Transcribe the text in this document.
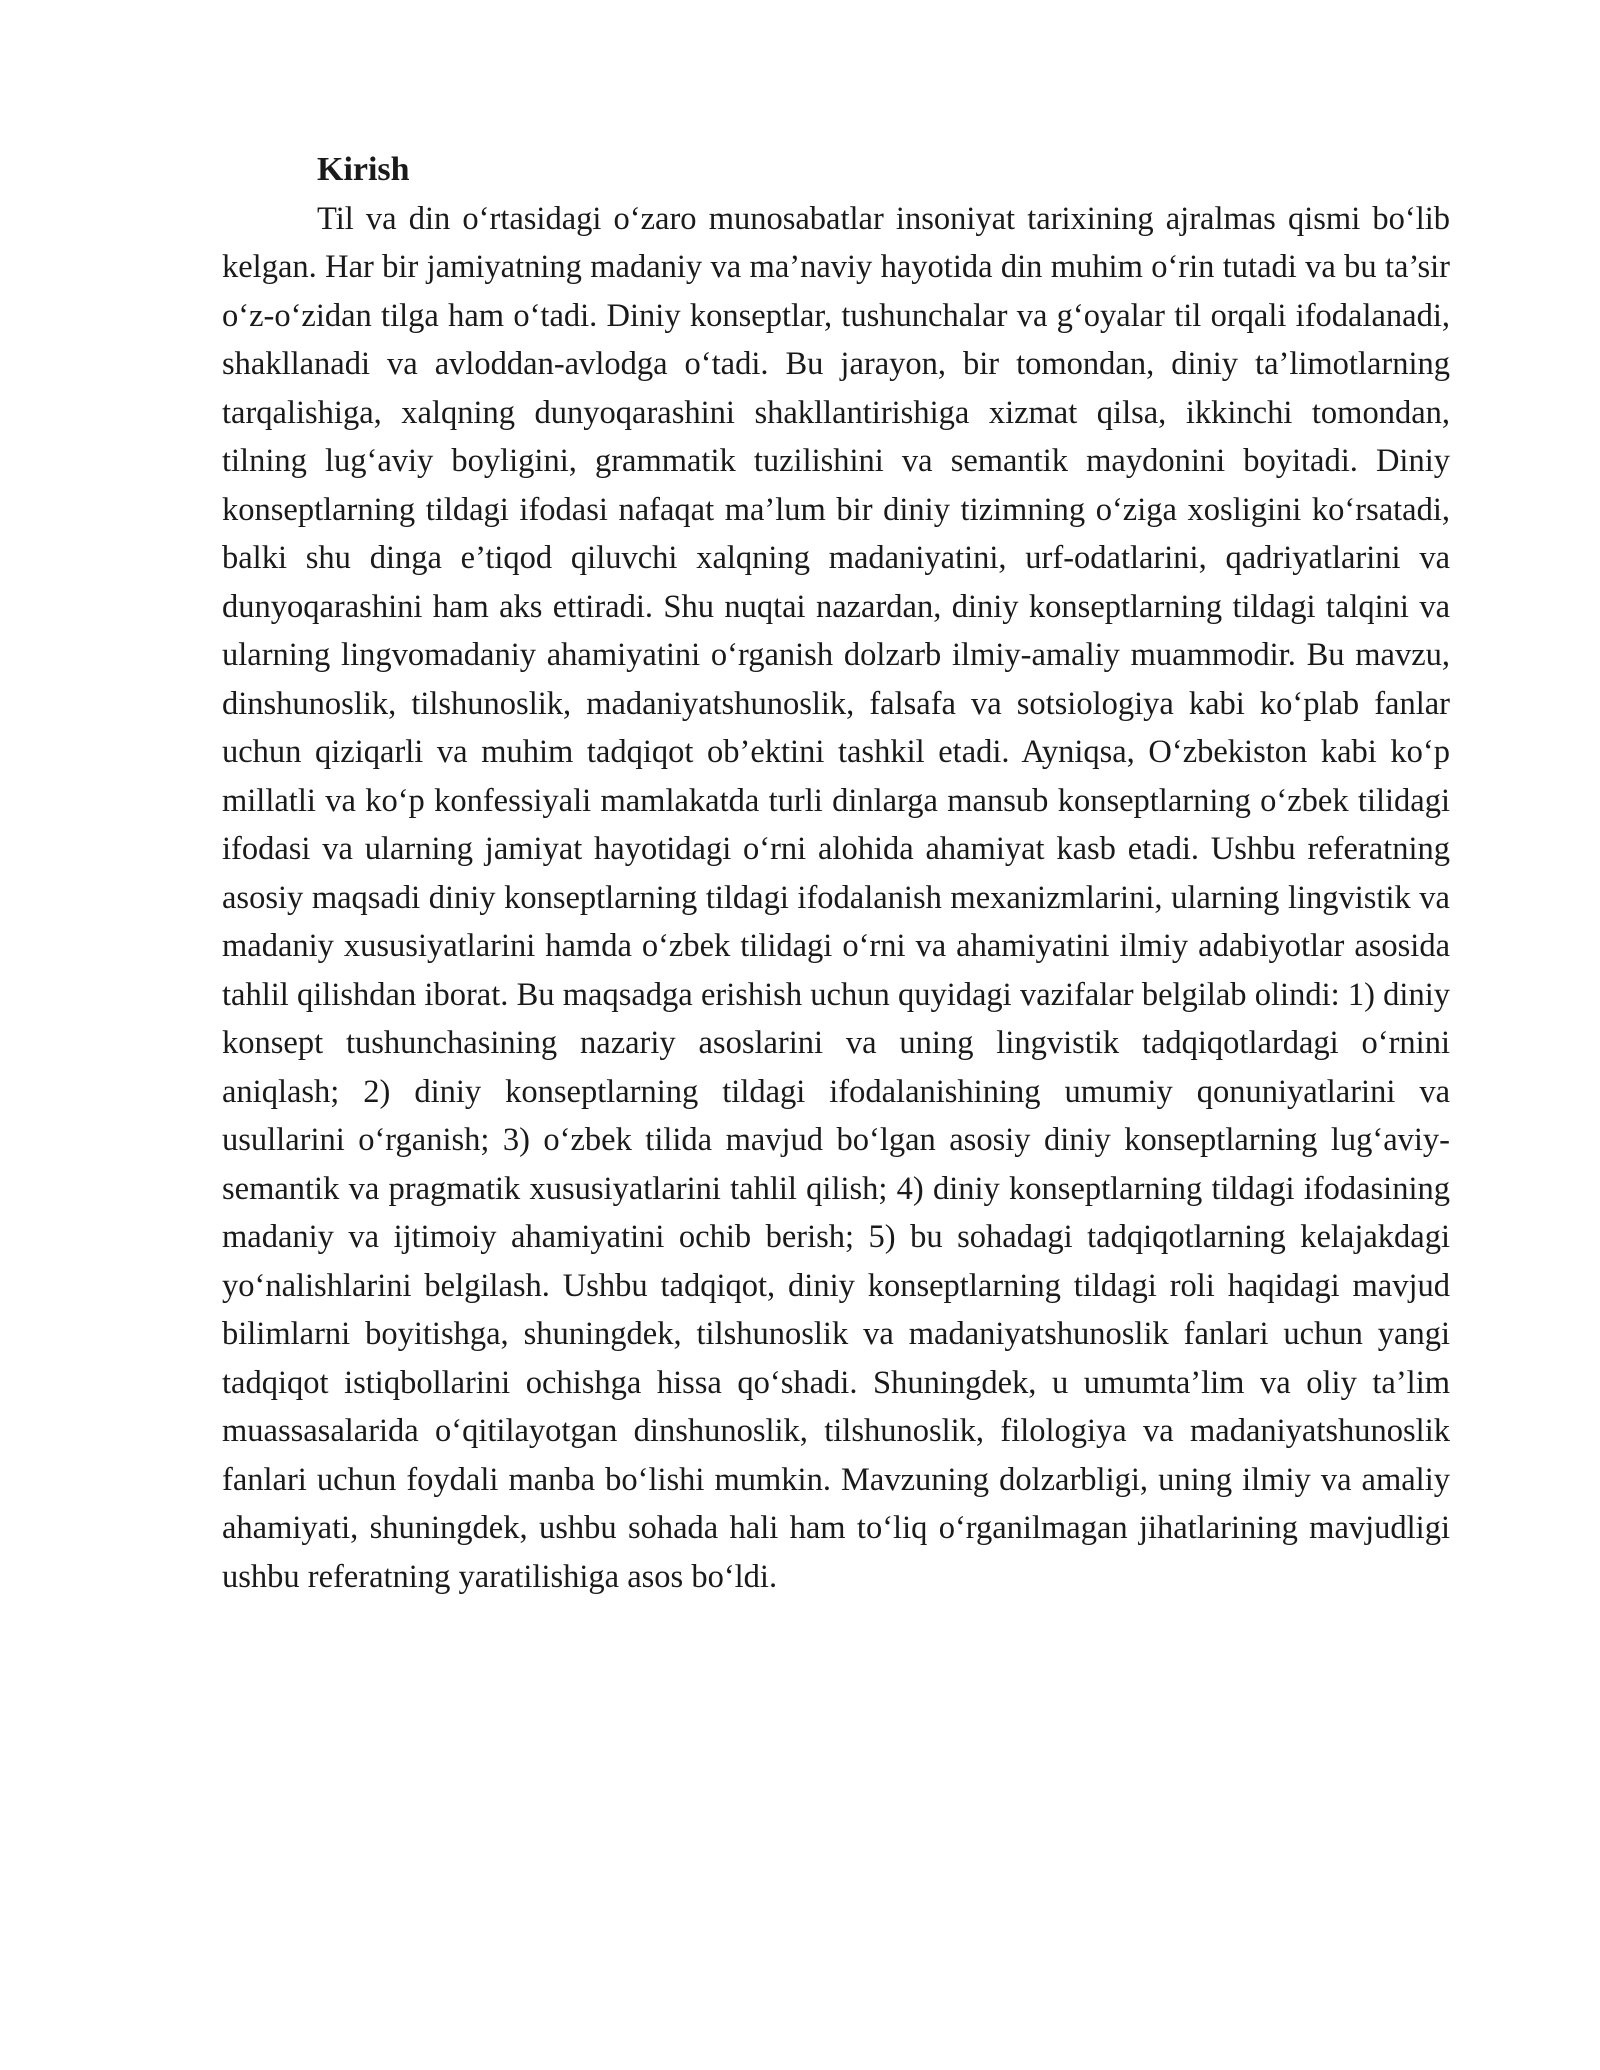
Kirish

Til va din o‘rtasidagi o‘zaro munosabatlar insoniyat tarixining ajralmas qismi bo‘lib kelgan. Har bir jamiyatning madaniy va ma’naviy hayotida din muhim o‘rin tutadi va bu ta’sir o‘z-o‘zidan tilga ham o‘tadi. Diniy konseptlar, tushunchalar va g‘oyalar til orqali ifodalanadi, shakllanadi va avloddan-avlodga o‘tadi. Bu jarayon, bir tomondan, diniy ta’limotlarning tarqalishiga, xalqning dunyoqarashini shakllantirishiga xizmat qilsa, ikkinchi tomondan, tilning lug‘aviy boyligini, grammatik tuzilishini va semantik maydonini boyitadi. Diniy konseptlarning tildagi ifodasi nafaqat ma’lum bir diniy tizimning o‘ziga xosligini ko‘rsatadi, balki shu dinga e’tiqod qiluvchi xalqning madaniyatini, urf-odatlarini, qadriyatlarini va dunyoqarashini ham aks ettiradi. Shu nuqtai nazardan, diniy konseptlarning tildagi talqini va ularning lingvomadaniy ahamiyatini o‘rganish dolzarb ilmiy-amaliy muammodir. Bu mavzu, dinshunoslik, tilshunoslik, madaniyatshunoslik, falsafa va sotsiologiya kabi ko‘plab fanlar uchun qiziqarli va muhim tadqiqot ob’ektini tashkil etadi. Ayniqsa, O‘zbekiston kabi ko‘p millatli va ko‘p konfessiyali mamlakatda turli dinlarga mansub konseptlarning o‘zbek tilidagi ifodasi va ularning jamiyat hayotidagi o‘rni alohida ahamiyat kasb etadi. Ushbu referatning asosiy maqsadi diniy konseptlarning tildagi ifodalanish mexanizmlarini, ularning lingvistik va madaniy xususiyatlarini hamda o‘zbek tilidagi o‘rni va ahamiyatini ilmiy adabiyotlar asosida tahlil qilishdan iborat. Bu maqsadga erishish uchun quyidagi vazifalar belgilab olindi: 1) diniy konsept tushunchasining nazariy asoslarini va uning lingvistik tadqiqotlardagi o‘rnini aniqlash; 2) diniy konseptlarning tildagi ifodalanishining umumiy qonuniyatlarini va usullarini o‘rganish; 3) o‘zbek tilida mavjud bo‘lgan asosiy diniy konseptlarning lug‘aviy-semantik va pragmatik xususiyatlarini tahlil qilish; 4) diniy konseptlarning tildagi ifodasining madaniy va ijtimoiy ahamiyatini ochib berish; 5) bu sohadagi tadqiqotlarning kelajakdagi yo‘nalishlarini belgilash. Ushbu tadqiqot, diniy konseptlarning tildagi roli haqidagi mavjud bilimlarni boyitishga, shuningdek, tilshunoslik va madaniyatshunoslik fanlari uchun yangi tadqiqot istiqbollarini ochishga hissa qo‘shadi. Shuningdek, u umumta’lim va oliy ta’lim muassasalarida o‘qitilayotgan dinshunoslik, tilshunoslik, filologiya va madaniyatshunoslik fanlari uchun foydali manba bo‘lishi mumkin. Mavzuning dolzarbligi, uning ilmiy va amaliy ahamiyati, shuningdek, ushbu sohada hali ham to‘liq o‘rganilmagan jihatlarining mavjudligi ushbu referatning yaratilishiga asos bo‘ldi.
